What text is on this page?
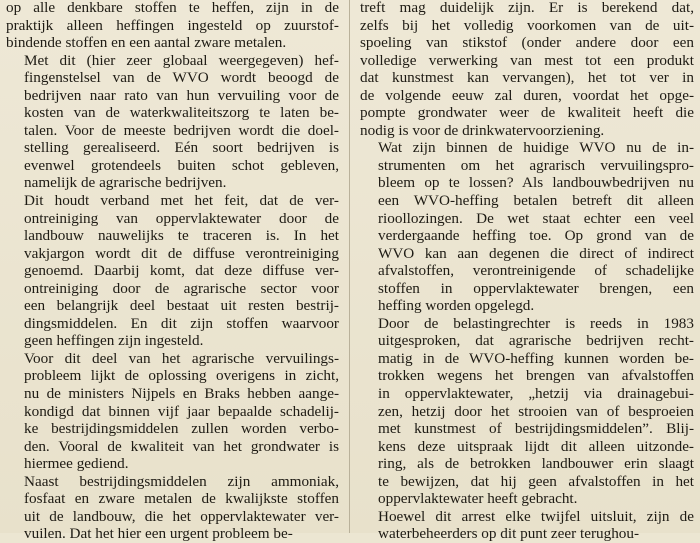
op alle denkbare stoffen te heffen, zijn in de
praktijk alleen heffingen ingesteld op zuurstof-
bindende stoffen en een aantal zware metalen.

Met dit (hier zeer globaal weergegeven) hef-
fingenstelsel van de WVO wordt beoogd de
bedrijven naar rato van hun vervuiling voor de
kosten van de waterkwaliteitszorg te laten be-
talen. Voor de meeste bedrijven wordt die doel-
stelling gerealiseerd. Eén soort bedrijven is
evenwel grotendeels buiten schot gebleven,
namelijk de agrarische bedrijven.

Dit houdt verband met het feit, dat de ver-
ontreiniging van oppervlaktewater door de
landbouw nauwelijks te traceren is. In het
vakjargon wordt dit de diffuse verontreiniging
genoemd. Daarbij komt, dat deze diffuse ver-
ontreiniging door de agrarische sector voor
een belangrijk deel bestaat uit resten bestrij-
dingsmiddelen. En dit zijn stoffen waarvoor
geen heffingen zijn ingesteld.

Voor dit deel van het agrarische vervuilings-
probleem lijkt de oplossing overigens in zicht,
nu de ministers Nijpels en Braks hebben aange-
kondigd dat binnen vijf jaar bepaalde schadelij-
ke bestrijdingsmiddelen zullen worden verbo-
den. Vooral de kwaliteit van het grondwater is
hiermee gediend.

Naast bestrijdingsmiddelen zijn ammoniak,
fosfaat en zware metalen de kwalijkste stoffen
uit de landbouw, die het oppervlaktewater ver-
vuilen. Dat het hier een urgent probleem be-

treft mag duidelijk zijn. Er is berekend dat,
zelfs bij het volledig voorkomen van de uit-
spoeling van stikstof (onder andere door een
volledige verwerking van mest tot een produkt
dat kunstmest kan vervangen), het tot ver in
de volgende eeuw zal duren, voordat het opge-
pompte grondwater weer de kwaliteit heeft die
nodig is voor de drinkwatervoorziening.

Wat zijn binnen de huidige WVO nu de in-
strumenten om het agrarisch vervuilingspro-
bleem op te lossen? Als landbouwbedrijven nu
een WVO-heffing betalen betreft dit alleen
rioollozingen. De wet staat echter een veel
verdergaande heffing toe. Op grond van de
WVO kan aan degenen die direct of indirect
afvalstoffen, verontreinigende of schadelijke
stoffen in oppervlaktewater brengen, een
heffing worden opgelegd.

Door de belastingrechter is reeds in 1983
uitgesproken, dat agrarische bedrijven recht-
matig in de WVO-heffing kunnen worden be-
trokken wegens het brengen van afvalstoffen
in oppervlaktewater, „hetzij via drainagebui-
zen, hetzij door het strooien van of besproeien
met kunstmest of bestrijdingsmiddelen”. Blij-
kens deze uitspraak lijdt dit alleen uitzonde-
ring, als de betrokken landbouwer erin slaagt
te bewijzen, dat hij geen afvalstoffen in het
oppervlaktewater heeft gebracht.

Hoewel dit arrest elke twijfel uitsluit, zijn de
waterbeheerders op dit punt zeer terughou-
